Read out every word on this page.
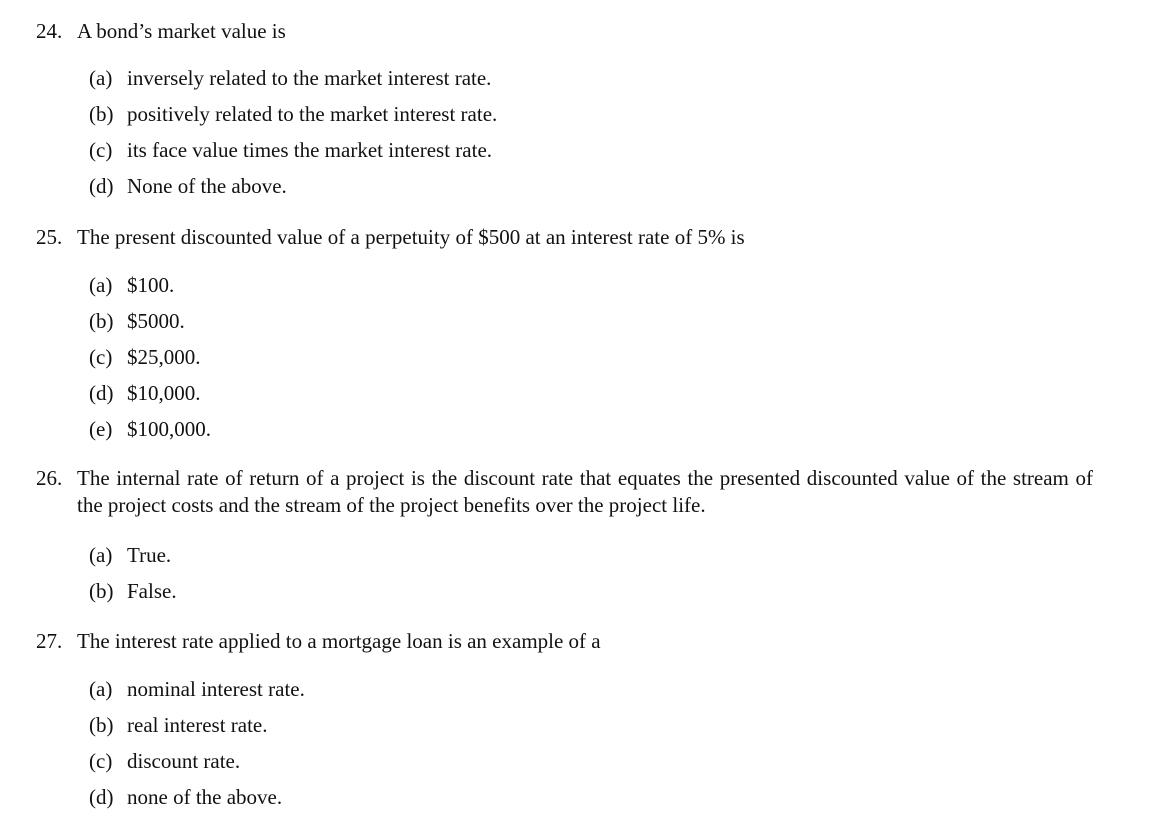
24. A bond’s market value is
(a) inversely related to the market interest rate.
(b) positively related to the market interest rate.
(c) its face value times the market interest rate.
(d) None of the above.
25. The present discounted value of a perpetuity of $500 at an interest rate of 5% is
(a) $100.
(b) $5000.
(c) $25,000.
(d) $10,000.
(e) $100,000.
26. The internal rate of return of a project is the discount rate that equates the presented discounted value of the stream of the project costs and the stream of the project benefits over the project life.
(a) True.
(b) False.
27. The interest rate applied to a mortgage loan is an example of a
(a) nominal interest rate.
(b) real interest rate.
(c) discount rate.
(d) none of the above.
